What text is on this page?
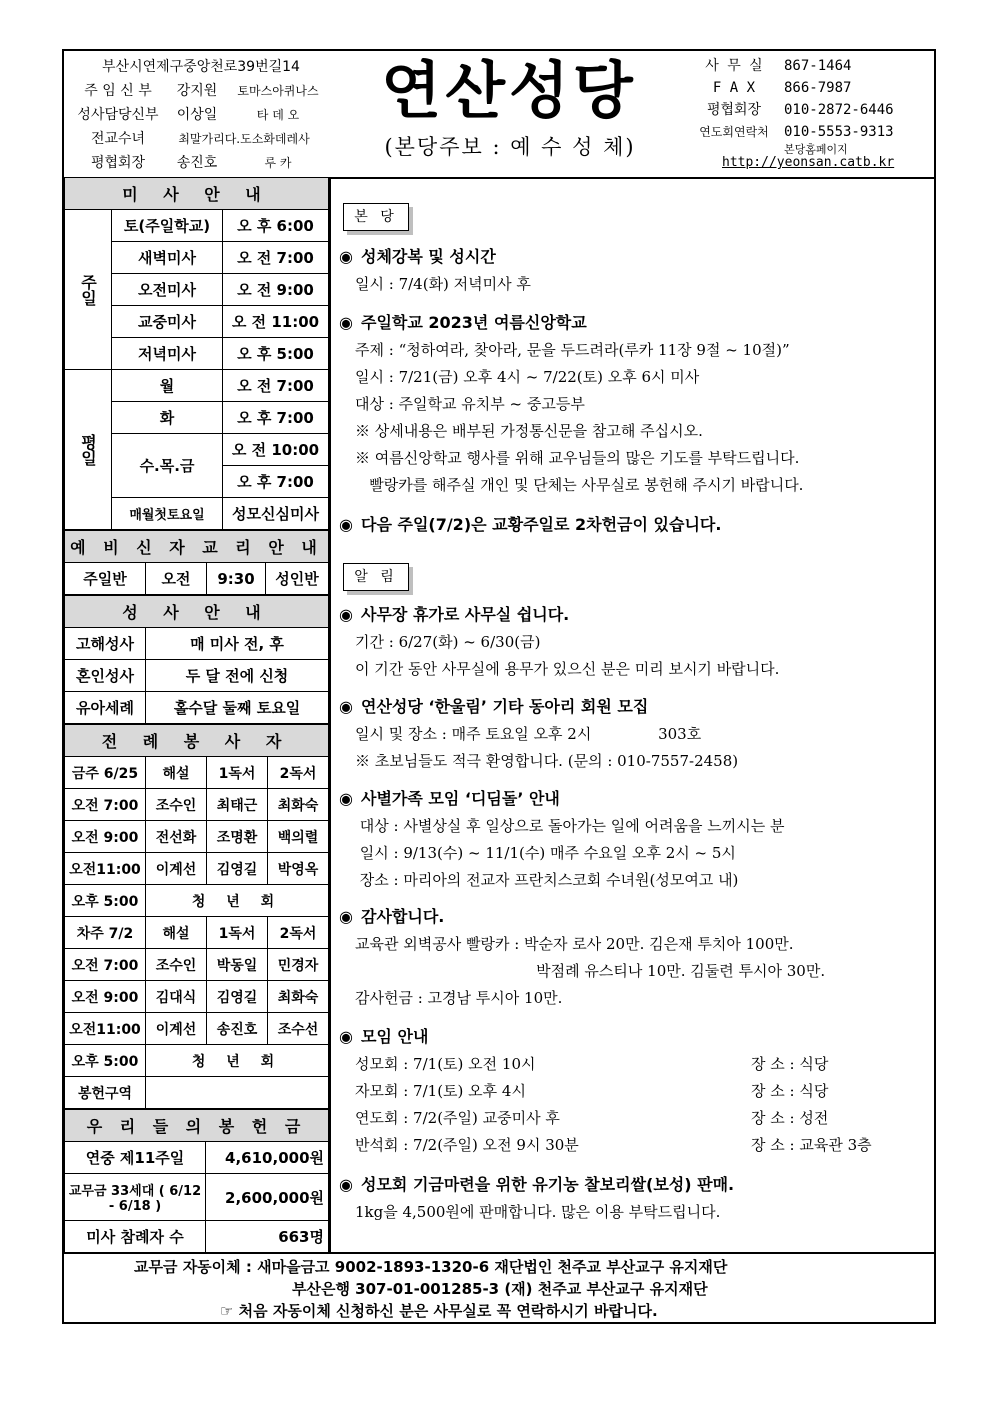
부산시연제구중앙천로39번길14
주 임 신 부 강지원 토마스아퀴나스
성사담당신부 이상일	타 데 오
전교수녀	최말가리다.도소화데레사
평협회장 송진호	루 카
연산성당
(본당주보 : 예 수 성 체)
사 무 실 867-1464
F A X 866-7987
평협회장 010-2872-6446
연도회연락처 010-5553-9313
본당홈페이지
http://yeonsan.catb.kr
미 사 안 내		
주일	토(주일학교)	오 후 6:00
	새벽미사	오 전 7:00
	오전미사	오 전 9:00
	교중미사	오 전 11:00
	저녁미사	오 후 5:00
평일	월	오 전 7:00
	화	오 후 7:00
	수.목.금	오 전 10:00
		오 후 7:00
	매월첫토요일	성모신심미사
예 비 신 자 교 리 안 내
주일반	오전	9:30	성인반
성 사 안 내	
고해성사	매 미사 전, 후
혼인성사	두 달 전에 신청
유아세례	홀수달 둘째 토요일
전 례 봉 사 자			
금주 6/25	해설	1독서	2독서
오전 7:00	조수인	최태근	최화숙
오전 9:00	전선화	조명환	백의렬
오전11:00	이계선	김영길	박영옥
오후 5:00	청 년 회		
차주 7/2	해설	1독서	2독서
오전 7:00	조수인	박동일	민경자
오전 9:00	김대식	김영길	최화숙
오전11:00	이계선	송진호	조수선
오후 5:00	청 년 회		
봉헌구역			
우 리 들 의 봉 헌 금	
연중 제11주일	4,610,000원
교무금 33세대 ( 6/12 - 6/18 )	2,600,000원
미사 참례자 수	663명
본 당
◉ 성체강복 및 성시간
일시 : 7/4(화) 저녁미사 후
◉ 주일학교 2023년 여름신앙학교
주제 : “청하여라, 찾아라, 문을 두드려라(루카 11장 9절 ~ 10절)”
일시 : 7/21(금) 오후 4시 ~ 7/22(토) 오후 6시 미사
대상 : 주일학교 유치부 ~ 중고등부
※ 상세내용은 배부된 가정통신문을 참고해 주십시오.
※ 여름신앙학교 행사를 위해 교우님들의 많은 기도를 부탁드립니다.
빨랑카를 해주실 개인 및 단체는 사무실로 봉헌해 주시기 바랍니다.
◉ 다음 주일(7/2)은 교황주일로 2차헌금이 있습니다.
알 림
◉ 사무장 휴가로 사무실 쉽니다.
기간 : 6/27(화) ~ 6/30(금)
이 기간 동안 사무실에 용무가 있으신 분은 미리 보시기 바랍니다.
◉ 연산성당 ‘한울림’ 기타 동아리 회원 모집
일시 및 장소 : 매주 토요일 오후 2시              303호
※ 초보님들도 적극 환영합니다. (문의 : 010-7557-2458)
◉ 사별가족 모임 ‘디딤돌’ 안내
대상 : 사별상실 후 일상으로 돌아가는 일에 어려움을 느끼시는 분
일시 : 9/13(수) ~ 11/1(수) 매주 수요일 오후 2시 ~ 5시
장소 : 마리아의 전교자 프란치스코회 수녀원(성모여고 내)
◉ 감사합니다.
교육관 외벽공사 빨랑카 : 박순자 로사 20만. 김은재 투치아 100만.
박점례 유스티나 10만. 김둘련 투시아 30만.
감사헌금 : 고경남 투시아 10만.
◉ 모임 안내
성모회 : 7/1(토) 오전 10시	장 소 : 식당
자모회 : 7/1(토) 오후 4시	장 소 : 식당
연도회 : 7/2(주일) 교중미사 후	장 소 : 성전
반석회 : 7/2(주일) 오전 9시 30분	장 소 : 교육관 3층
◉ 성모회 기금마련을 위한 유기농 찰보리쌀(보성) 판매.
1kg을 4,500원에 판매합니다. 많은 이용 부탁드립니다.
교무금 자동이체 : 새마을금고 9002-1893-1320-6 재단법인 천주교 부산교구 유지재단
부산은행 307-01-001285-3 (재) 천주교 부산교구 유지재단
☞ 처음 자동이체 신청하신 분은 사무실로 꼭 연락하시기 바랍니다.
